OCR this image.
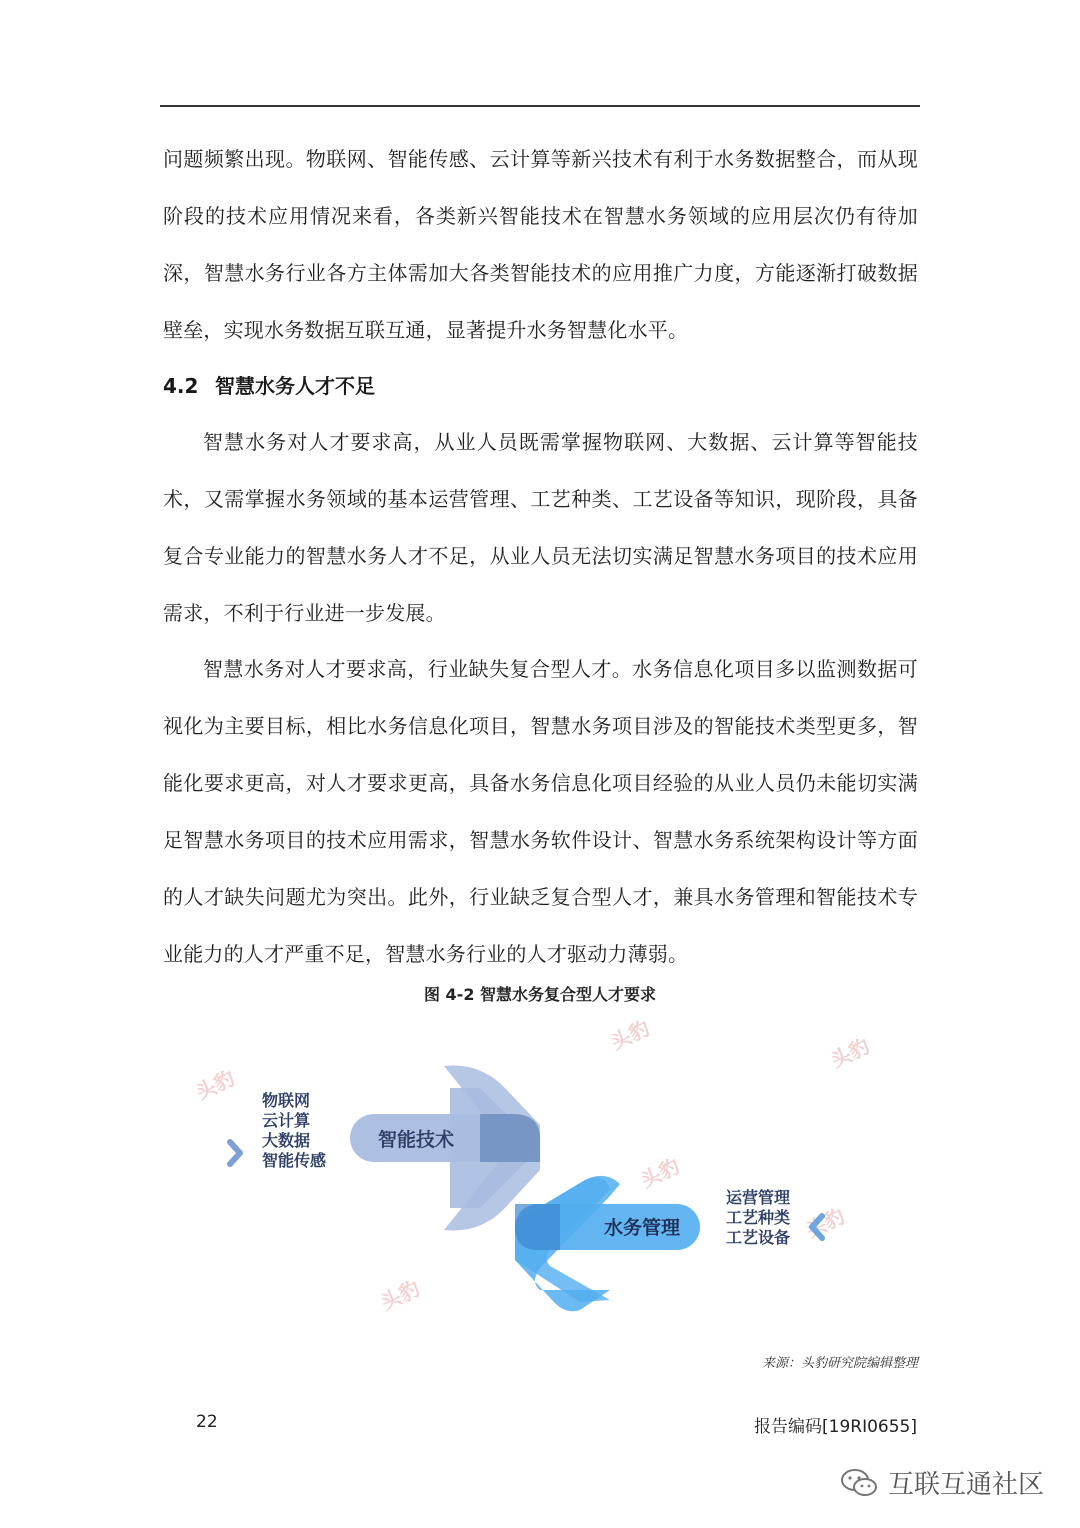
问题频繁出现。物联网、智能传感、云计算等新兴技术有利于水务数据整合，而从现阶段的技术应用情况来看，各类新兴智能技术在智慧水务领域的应用层次仍有待加深，智慧水务行业各方主体需加大各类智能技术的应用推广力度，方能逐渐打破数据壁垒，实现水务数据互联互通，显著提升水务智慧化水平。

4.2 智慧水务人才不足

智慧水务对人才要求高，从业人员既需掌握物联网、大数据、云计算等智能技术，又需掌握水务领域的基本运营管理、工艺种类、工艺设备等知识，现阶段，具备复合专业能力的智慧水务人才不足，从业人员无法切实满足智慧水务项目的技术应用需求，不利于行业进一步发展。

智慧水务对人才要求高，行业缺失复合型人才。水务信息化项目多以监测数据可视化为主要目标，相比水务信息化项目，智慧水务项目涉及的智能技术类型更多，智能化要求更高，对人才要求更高，具备水务信息化项目经验的从业人员仍未能切实满足智慧水务项目的技术应用需求，智慧水务软件设计、智慧水务系统架构设计等方面的人才缺失问题尤为突出。此外，行业缺乏复合型人才，兼具水务管理和智能技术专业能力的人才严重不足，智慧水务行业的人才驱动力薄弱。

图 4-2 智慧水务复合型人才要求
头豹
头豹	头豹
头豹
头豹
头豹
智能技术
水务管理
物联网
云计算
大数据
智能传感
运营管理
工艺种类
工艺设备
来源：头豹研究院编辑整理
22	报告编码[19RI0655]
互联互通社区
